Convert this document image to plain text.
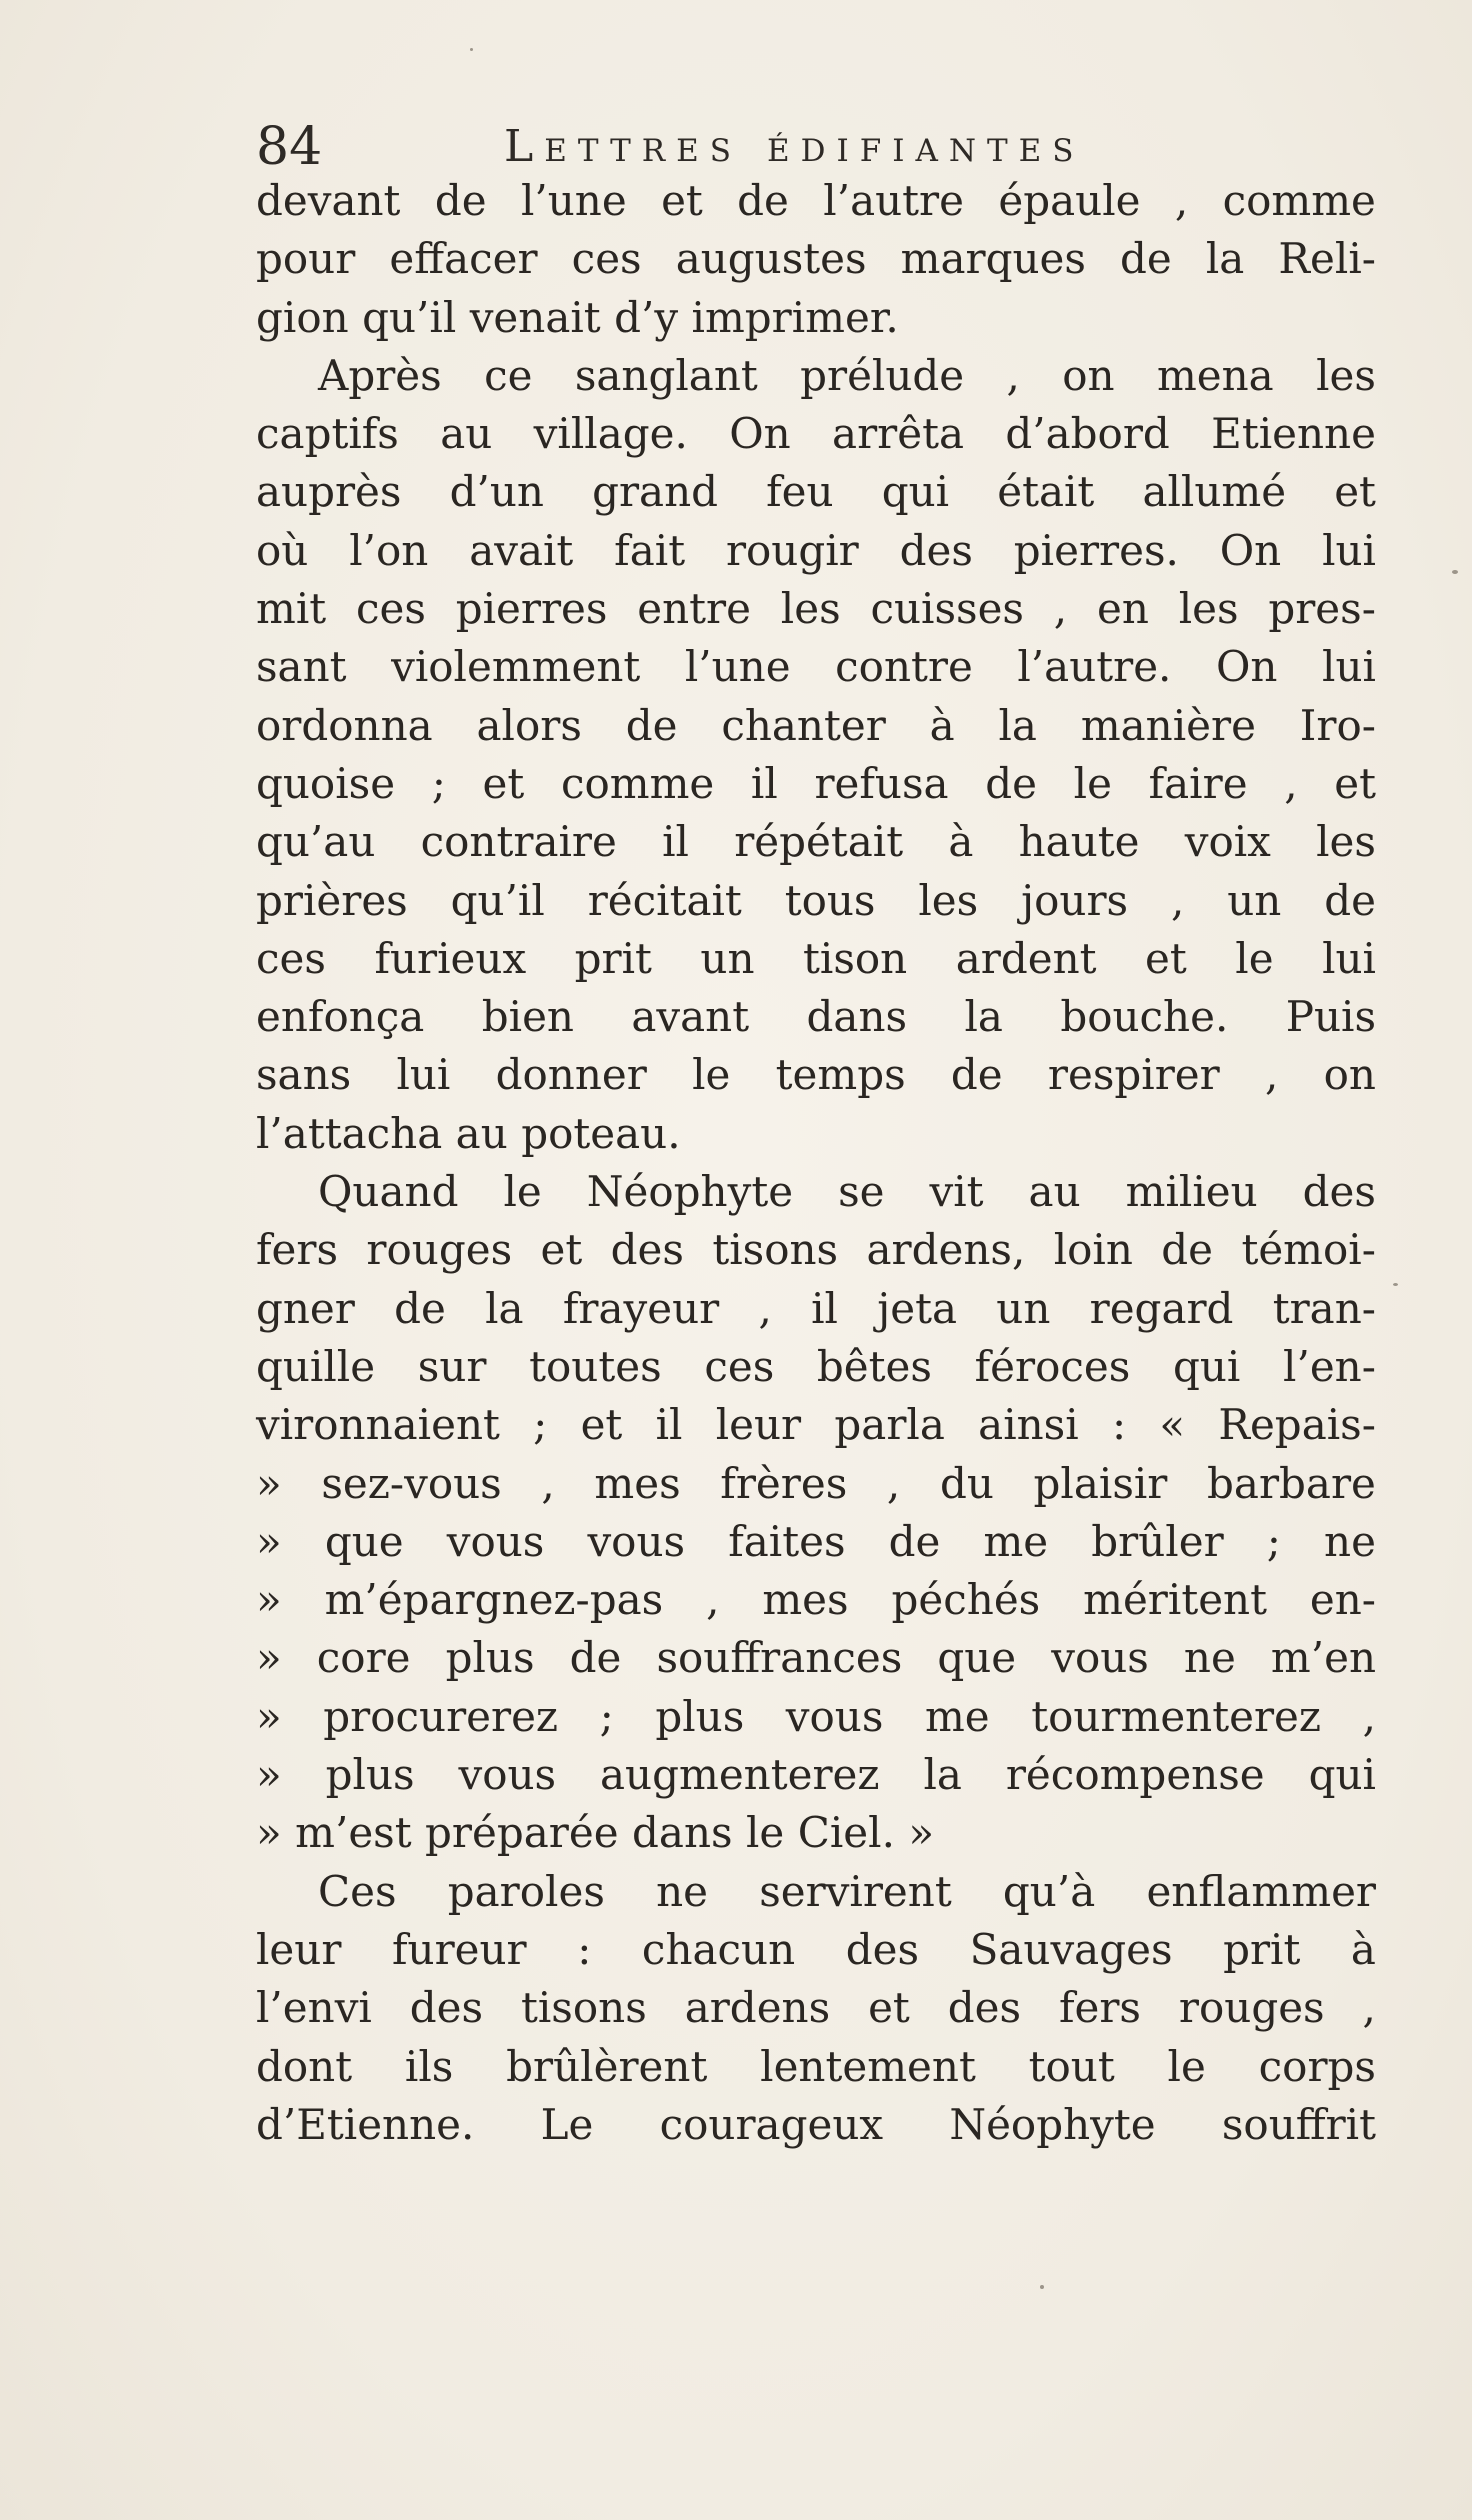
84	Lettres édifiantes
devant de l’une et de l’autre épaule , comme
pour effacer ces augustes marques de la Reli-
gion qu’il venait d’y imprimer.
Après ce sanglant prélude , on mena les
captifs au village. On arrêta d’abord Etienne
auprès d’un grand feu qui était allumé et
où l’on avait fait rougir des pierres. On lui
mit ces pierres entre les cuisses , en les pres-
sant violemment l’une contre l’autre. On lui
ordonna alors de chanter à la manière Iro-
quoise ; et comme il refusa de le faire , et
qu’au contraire il répétait à haute voix les
prières qu’il récitait tous les jours , un de
ces furieux prit un tison ardent et le lui
enfonça bien avant dans la bouche. Puis
sans lui donner le temps de respirer , on
l’attacha au poteau.
Quand le Néophyte se vit au milieu des
fers rouges et des tisons ardens, loin de témoi-
gner de la frayeur , il jeta un regard tran-
quille sur toutes ces bêtes féroces qui l’en-
vironnaient ; et il leur parla ainsi : « Repais-
» sez-vous , mes frères , du plaisir barbare
» que vous vous faites de me brûler ; ne
» m’épargnez-pas , mes péchés méritent en-
» core plus de souffrances que vous ne m’en
» procurerez ; plus vous me tourmenterez ,
» plus vous augmenterez la récompense qui
» m’est préparée dans le Ciel. »
Ces paroles ne servirent qu’à enflammer
leur fureur : chacun des Sauvages prit à
l’envi des tisons ardens et des fers rouges ,
dont ils brûlèrent lentement tout le corps
d’Etienne. Le courageux Néophyte souffrit
